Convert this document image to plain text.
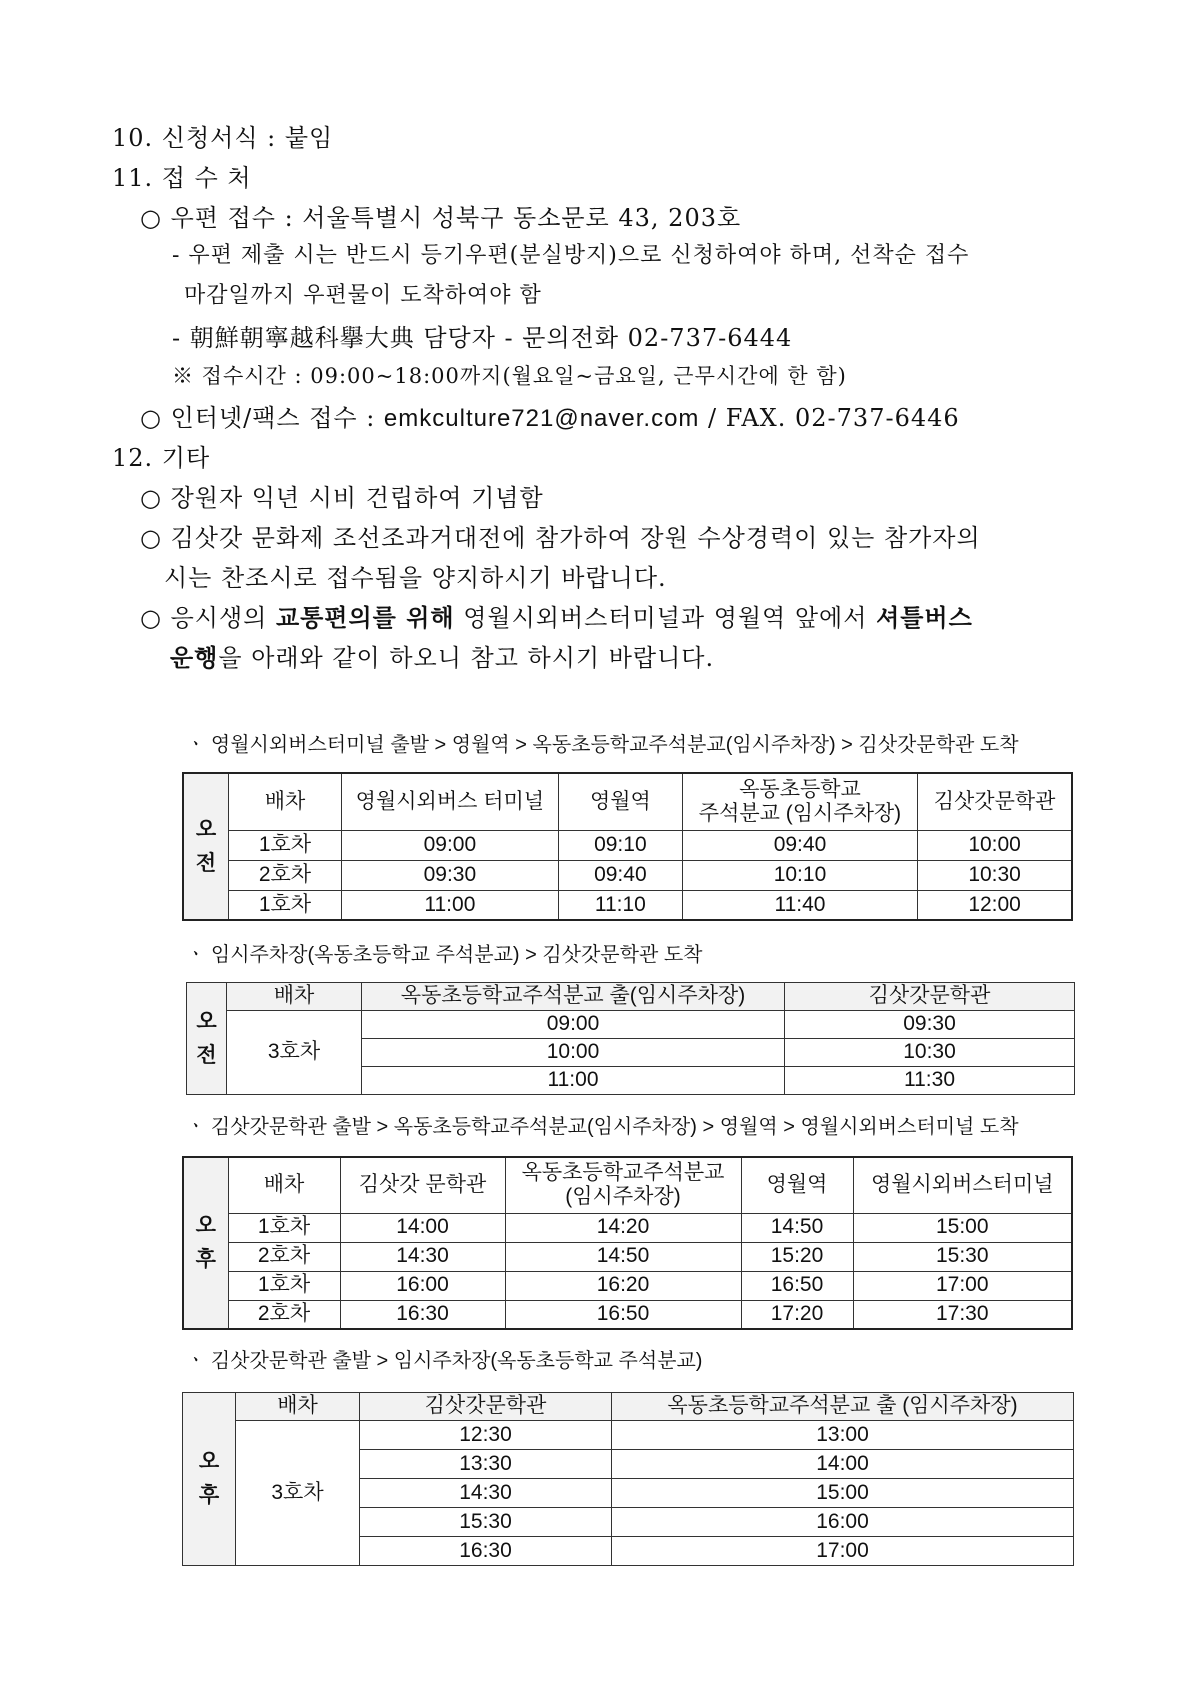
10. 신청서식 : 붙임
11. 접 수 처
○ 우편 접수 : 서울특별시 성북구 동소문로 43, 203호
- 우편 제출 시는 반드시 등기우편(분실방지)으로 신청하여야 하며, 선착순 접수
마감일까지 우편물이 도착하여야 함
- 朝鮮朝寧越科擧大典 담당자 - 문의전화 02-737-6444
※ 접수시간 : 09:00~18:00까지(월요일~금요일, 근무시간에 한 함)
○ 인터넷/팩스 접수 : emkculture721@naver.com / FAX. 02-737-6446
12. 기타
○ 장원자 익년 시비 건립하여 기념함
○ 김삿갓 문화제 조선조과거대전에 참가하여 장원 수상경력이 있는 참가자의
시는 찬조시로 접수됨을 양지하시기 바랍니다.
○ 응시생의 교통편의를 위해 영월시외버스터미널과 영월역 앞에서 셔틀버스
운행을 아래와 같이 하오니 참고 하시기 바랍니다.
ㆍ 영월시외버스터미널 출발 > 영월역 > 옥동초등학교주석분교(임시주차장) > 김삿갓문학관 도착
오 전	배차	영월시외버스 터미널	영월역	옥동초등학교
주석분교 (임시주차장)	김삿갓문학관
	1호차	09:00	09:10	09:40	10:00
	2호차	09:30	09:40	10:10	10:30
	1호차	11:00	11:10	11:40	12:00
ㆍ 임시주차장(옥동초등학교 주석분교) > 김삿갓문학관 도착
오 전	배차	옥동초등학교주석분교 출(임시주차장)	김삿갓문학관
	3호차	09:00	09:30
		10:00	10:30
		11:00	11:30
ㆍ 김삿갓문학관 출발 > 옥동초등학교주석분교(임시주차장) > 영월역 > 영월시외버스터미널 도착
오 후	배차	김삿갓 문학관	옥동초등학교주석분교
(임시주차장)	영월역	영월시외버스터미널
	1호차	14:00	14:20	14:50	15:00
	2호차	14:30	14:50	15:20	15:30
	1호차	16:00	16:20	16:50	17:00
	2호차	16:30	16:50	17:20	17:30
ㆍ 김삿갓문학관 출발 > 임시주차장(옥동초등학교 주석분교)
오 후	배차	김삿갓문학관	옥동초등학교주석분교 출 (임시주차장)
	3호차	12:30	13:00
		13:30	14:00
		14:30	15:00
		15:30	16:00
		16:30	17:00
